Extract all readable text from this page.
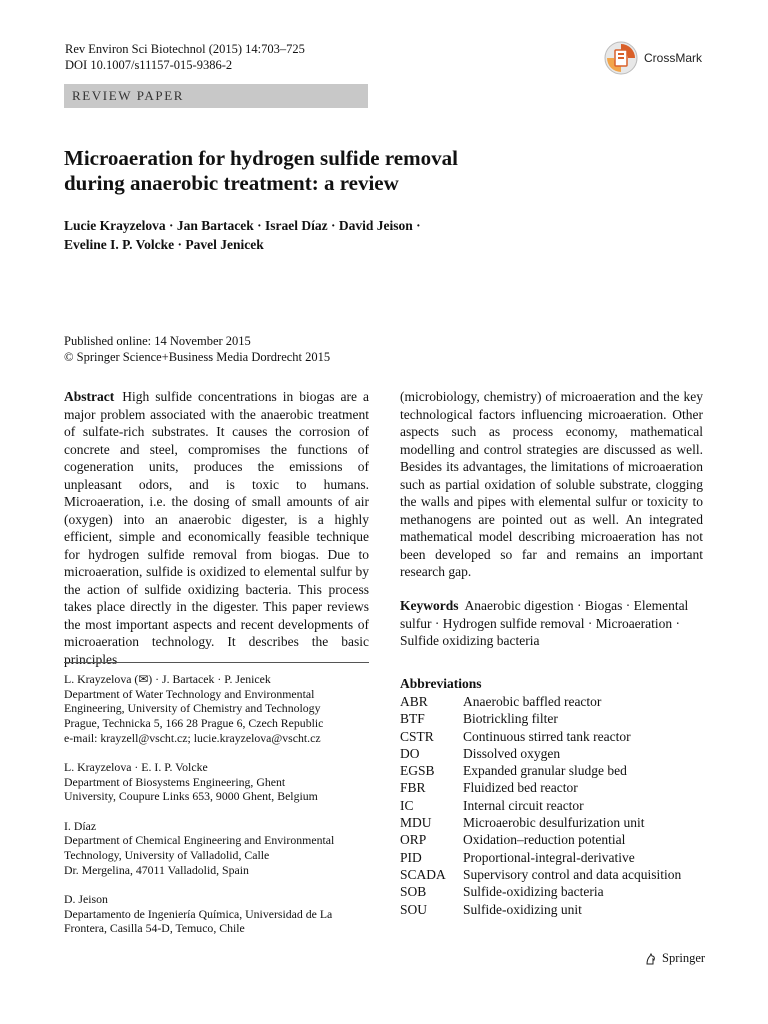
Rev Environ Sci Biotechnol (2015) 14:703–725
DOI 10.1007/s11157-015-9386-2	CrossMark
REVIEW PAPER
Microaeration for hydrogen sulfide removal
during anaerobic treatment: a review
Lucie Krayzelova · Jan Bartacek · Israel Díaz · David Jeison ·
Eveline I. P. Volcke · Pavel Jenicek
Published online: 14 November 2015
© Springer Science+Business Media Dordrecht 2015
Abstract High sulfide concentrations in biogas are a major problem associated with the anaerobic treatment of sulfate-rich substrates. It causes the corrosion of concrete and steel, compromises the functions of cogeneration units, produces the emissions of unpleasant odors, and is toxic to humans. Microaeration, i.e. the dosing of small amounts of air (oxygen) into an anaerobic digester, is a highly efficient, simple and economically feasible technique for hydrogen sulfide removal from biogas. Due to microaeration, sulfide is oxidized to elemental sulfur by the action of sulfide oxidizing bacteria. This process takes place directly in the digester. This paper reviews the most important aspects and recent developments of microaeration technology. It describes the basic principles
(microbiology, chemistry) of microaeration and the key technological factors influencing microaeration. Other aspects such as process economy, mathematical modelling and control strategies are discussed as well. Besides its advantages, the limitations of microaeration such as partial oxidation of soluble substrate, clogging the walls and pipes with elemental sulfur or toxicity to methanogens are pointed out as well. An integrated mathematical model describing microaeration has not been developed so far and remains an important research gap.
Keywords Anaerobic digestion · Biogas · Elemental sulfur · Hydrogen sulfide removal · Microaeration · Sulfide oxidizing bacteria
L. Krayzelova (✉) · J. Bartacek · P. Jenicek
Department of Water Technology and Environmental
Engineering, University of Chemistry and Technology
Prague, Technicka 5, 166 28 Prague 6, Czech Republic
e-mail: krayzell@vscht.cz; lucie.krayzelova@vscht.cz
L. Krayzelova · E. I. P. Volcke
Department of Biosystems Engineering, Ghent
University, Coupure Links 653, 9000 Ghent, Belgium
I. Díaz
Department of Chemical Engineering and Environmental
Technology, University of Valladolid, Calle
Dr. Mergelina, 47011 Valladolid, Spain
D. Jeison
Departamento de Ingeniería Química, Universidad de La
Frontera, Casilla 54-D, Temuco, Chile
Abbreviations
ABR	Anaerobic baffled reactor
BTF	Biotrickling filter
CSTR	Continuous stirred tank reactor
DO	Dissolved oxygen
EGSB	Expanded granular sludge bed
FBR	Fluidized bed reactor
IC	Internal circuit reactor
MDU	Microaerobic desulfurization unit
ORP	Oxidation–reduction potential
PID	Proportional-integral-derivative
SCADA	Supervisory control and data acquisition
SOB	Sulfide-oxidizing bacteria
SOU	Sulfide-oxidizing unit
Springer
